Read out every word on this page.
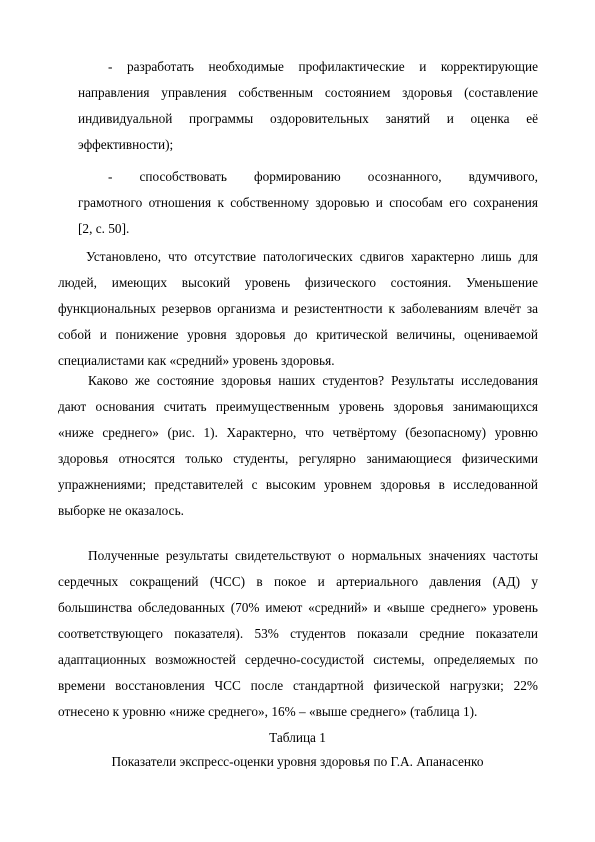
- разработать необходимые профилактические и корректирующие
направления управления собственным состоянием здоровья (составление
индивидуальной программы оздоровительных занятий и оценка её
эффективности);
- способствовать формированию осознанного, вдумчивого,
грамотного отношения к собственному здоровью и способам его сохранения
[2, с. 50].
Установлено, что отсутствие патологических сдвигов характерно лишь для
людей, имеющих высокий уровень физического состояния. Уменьшение
функциональных резервов организма и резистентности к заболеваниям влечёт за
собой и понижение уровня здоровья до критической величины, оцениваемой
специалистами как «средний» уровень здоровья.
Каково же состояние здоровья наших студентов? Результаты исследования
дают основания считать преимущественным уровень здоровья занимающихся
«ниже среднего» (рис. 1). Характерно, что четвёртому (безопасному) уровню
здоровья относятся только студенты, регулярно занимающиеся физическими
упражнениями; представителей с высоким уровнем здоровья в исследованной
выборке не оказалось.
Полученные результаты свидетельствуют о нормальных значениях частоты
сердечных сокращений (ЧСС) в покое и артериального давления (АД) у
большинства обследованных (70% имеют «средний» и «выше среднего» уровень
соответствующего показателя). 53% студентов показали средние показатели
адаптационных возможностей сердечно-сосудистой системы, определяемых по
времени восстановления ЧСС после стандартной физической нагрузки; 22%
отнесено к уровню «ниже среднего», 16% – «выше среднего» (таблица 1).
Таблица 1
Показатели экспресс-оценки уровня здоровья по Г.А. Апанасенко
